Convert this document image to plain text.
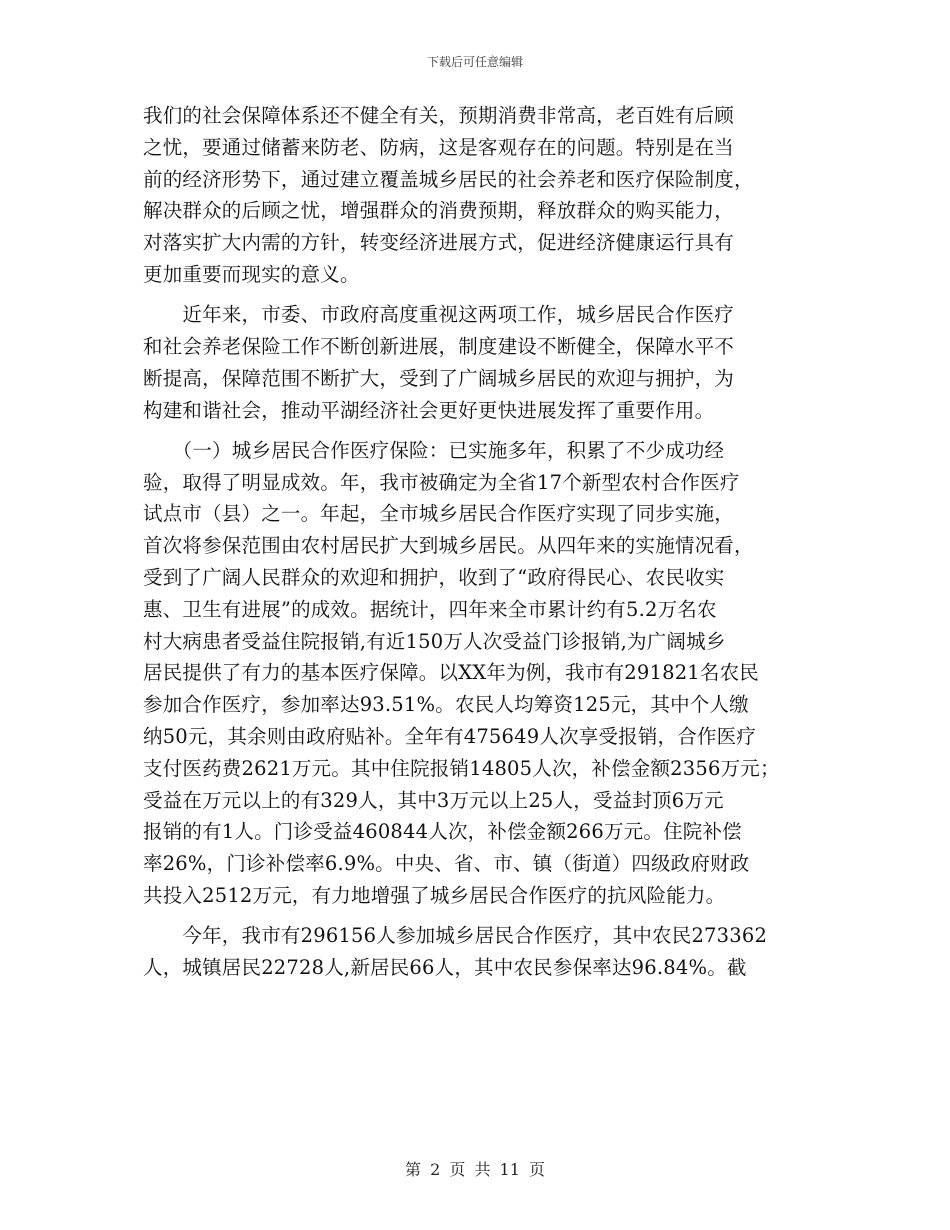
下载后可任意编辑
我们的社会保障体系还不健全有关，预期消费非常高，老百姓有后顾
之忧，要通过储蓄来防老、防病，这是客观存在的问题。特别是在当
前的经济形势下，通过建立覆盖城乡居民的社会养老和医疗保险制度，
解决群众的后顾之忧，增强群众的消费预期，释放群众的购买能力，
对落实扩大内需的方针，转变经济进展方式，促进经济健康运行具有
更加重要而现实的意义。
　　近年来，市委、市政府高度重视这两项工作，城乡居民合作医疗
和社会养老保险工作不断创新进展，制度建设不断健全，保障水平不
断提高，保障范围不断扩大，受到了广阔城乡居民的欢迎与拥护，为
构建和谐社会，推动平湖经济社会更好更快进展发挥了重要作用。
　　（一）城乡居民合作医疗保险：已实施多年，积累了不少成功经
验，取得了明显成效。年，我市被确定为全省17个新型农村合作医疗
试点市（县）之一。年起，全市城乡居民合作医疗实现了同步实施，
首次将参保范围由农村居民扩大到城乡居民。从四年来的实施情况看，
受到了广阔人民群众的欢迎和拥护，收到了“政府得民心、农民收实
惠、卫生有进展”的成效。据统计，四年来全市累计约有5.2万名农
村大病患者受益住院报销,有近150万人次受益门诊报销,为广阔城乡
居民提供了有力的基本医疗保障。以XX年为例，我市有291821名农民
参加合作医疗，参加率达93.51%。农民人均筹资125元，其中个人缴
纳50元，其余则由政府贴补。全年有475649人次享受报销，合作医疗
支付医药费2621万元。其中住院报销14805人次，补偿金额2356万元；
受益在万元以上的有329人，其中3万元以上25人，受益封顶6万元
报销的有1人。门诊受益460844人次，补偿金额266万元。住院补偿
率26%，门诊补偿率6.9%。中央、省、市、镇（街道）四级政府财政
共投入2512万元，有力地增强了城乡居民合作医疗的抗风险能力。
　　今年，我市有296156人参加城乡居民合作医疗，其中农民273362
人，城镇居民22728人,新居民66人，其中农民参保率达96.84%。截
第 2 页 共 11 页
